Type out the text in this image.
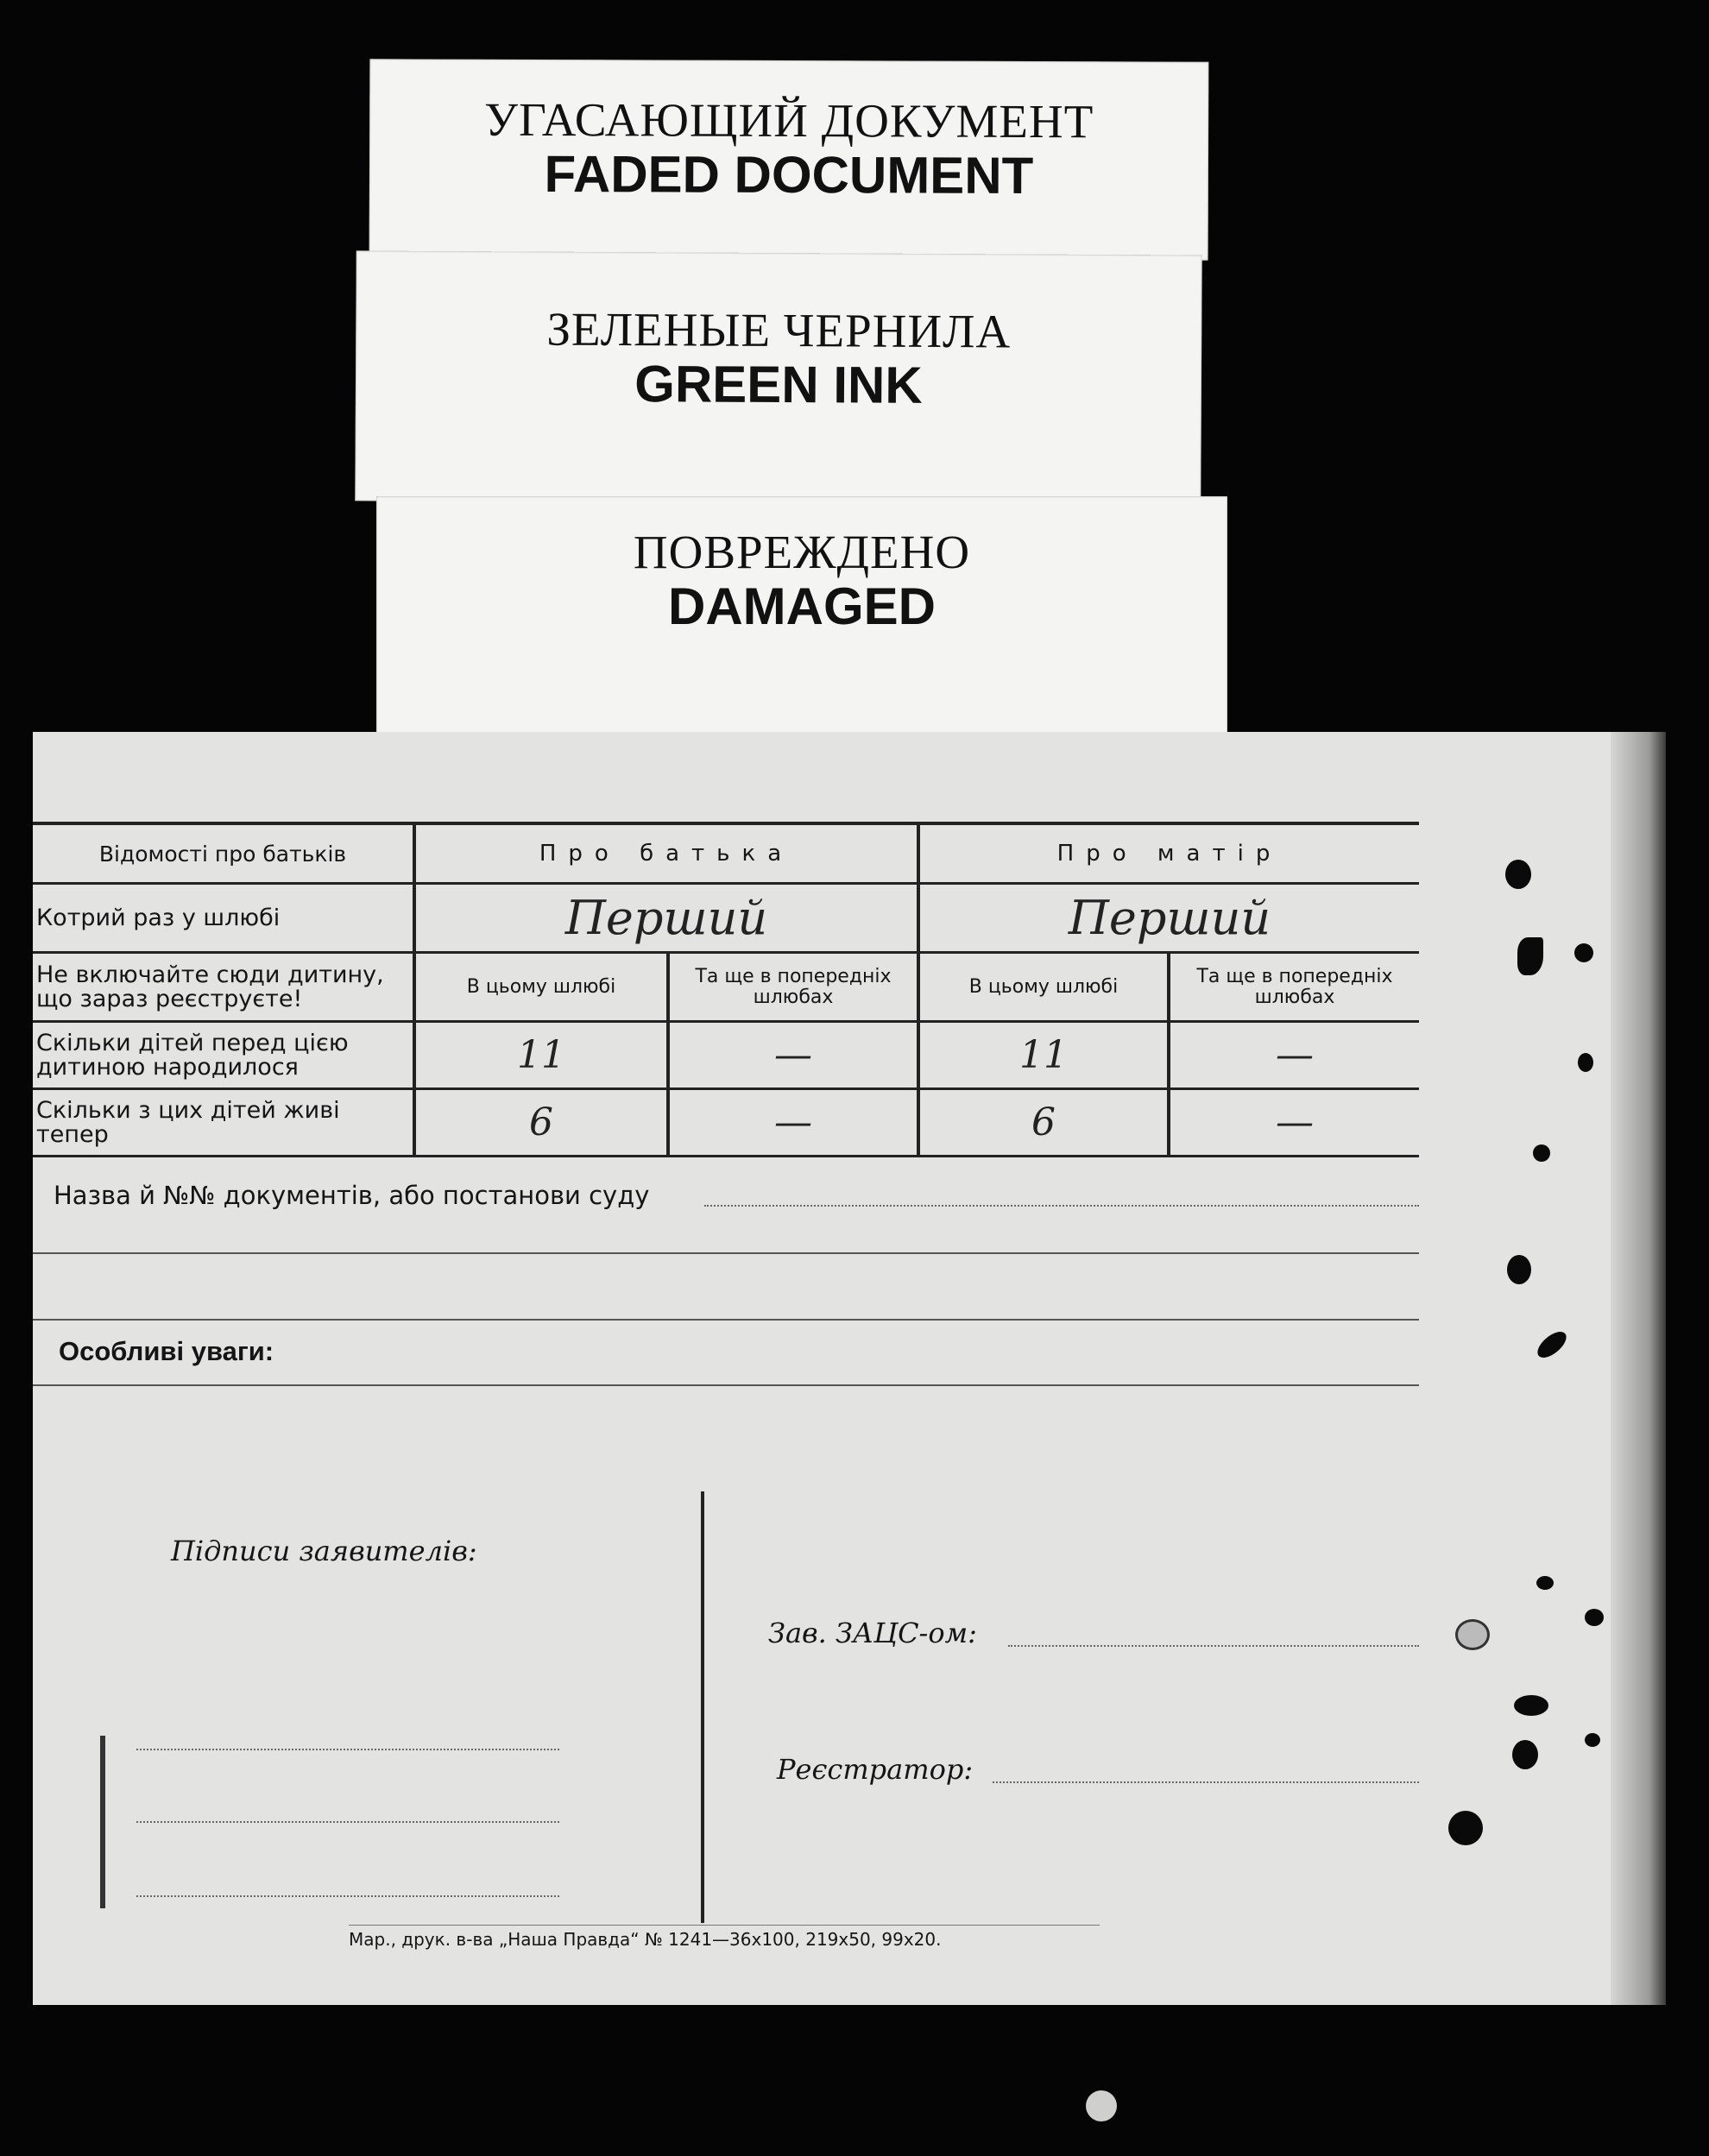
УГАСАЮЩИЙ ДОКУМЕНТ
FADED DOCUMENT
ЗЕЛЕНЫЕ ЧЕРНИЛА
GREEN INK
ПОВРЕЖДЕНО
DAMAGED
Відомості про батьків	Про батька		Про матір	
Котрий раз у шлюбі	Перший		Перший	
Не включайте сюди дитину, що зараз реєструєте!	В цьому шлюбі	Та ще в попередніх шлюбах	В цьому шлюбі	Та ще в попередніх шлюбах
Скільки дітей перед цією дитиною народилося	11	—	11	—
Скільки з цих дітей живі тепер	6	—	6	—
Назва й №№ документів, або постанови суду
Особливі уваги:
Підписи заявителів:
Зав. ЗАЦС-ом:
Реєстратор:
Мар., друк. в-ва „Наша Правда“ № 1241—36х100, 219х50, 99х20.
